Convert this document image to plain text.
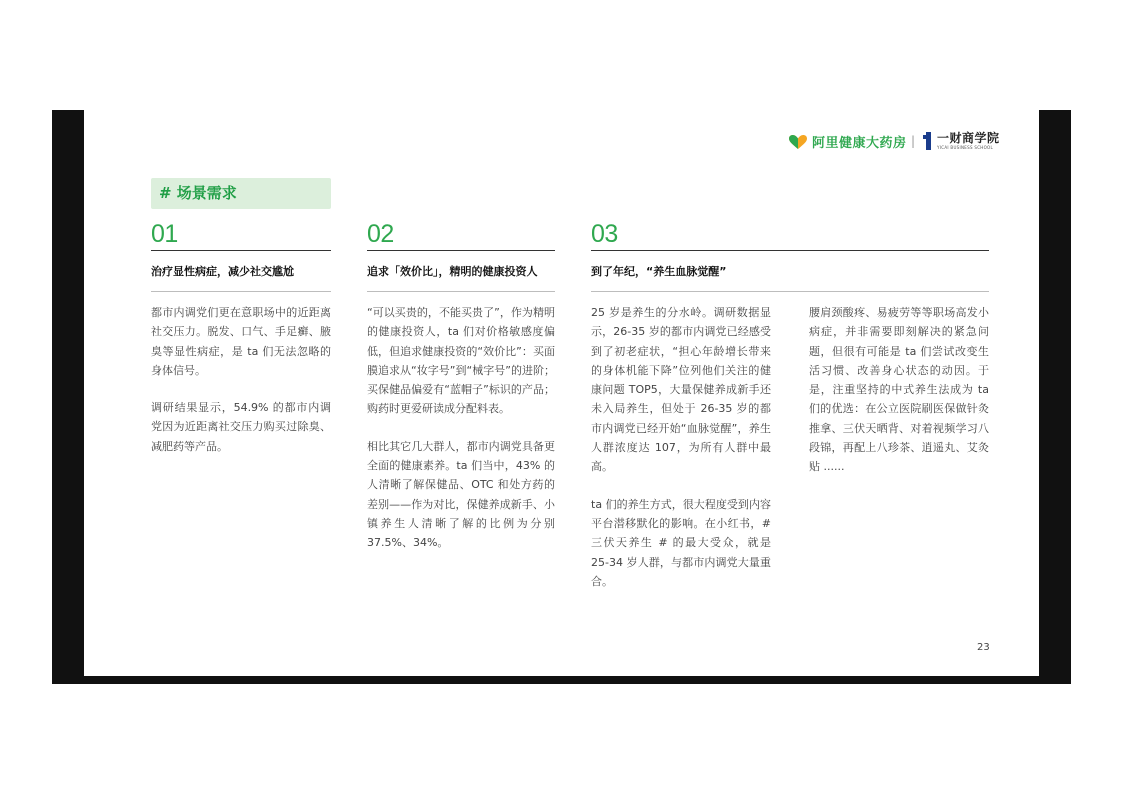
阿里健康大药房 | 一财商学院
YICAI BUSINESS SCHOOL
# 场景需求
01
治疗显性病症，减少社交尴尬

都市内调党们更在意职场中的近距离社交压力。脱发、口气、手足癣、腋臭等显性病症，是 ta 们无法忽略的身体信号。

调研结果显示，54.9% 的都市内调党因为近距离社交压力购买过除臭、减肥药等产品。

02
追求「效价比」，精明的健康投资人

“可以买贵的，不能买贵了”，作为精明的健康投资人，ta 们对价格敏感度偏低，但追求健康投资的“效价比”：买面膜追求从“妆字号”到“械字号”的进阶；买保健品偏爱有“蓝帽子”标识的产品；购药时更爱研读成分配料表。

相比其它几大群人，都市内调党具备更全面的健康素养。ta 们当中，43% 的人清晰了解保健品、OTC 和处方药的差别——作为对比，保健养成新手、小镇养生人清晰了解的比例为分别 37.5%、34%。

03
到了年纪，“养生血脉觉醒”

25 岁是养生的分水岭。调研数据显示，26-35 岁的都市内调党已经感受到了初老症状，“担心年龄增长带来的身体机能下降”位列他们关注的健康问题 TOP5，大量保健养成新手还未入局养生，但处于 26-35 岁的都市内调党已经开始“血脉觉醒”，养生人群浓度达 107，为所有人群中最高。

ta 们的养生方式，很大程度受到内容平台潜移默化的影响。在小红书，# 三伏天养生 # 的最大受众，就是 25-34 岁人群，与都市内调党大量重合。

腰肩颈酸疼、易疲劳等等职场高发小病症，并非需要即刻解决的紧急问题，但很有可能是 ta 们尝试改变生活习惯、改善身心状态的动因。于是，注重坚持的中式养生法成为 ta 们的优选：在公立医院刷医保做针灸推拿、三伏天晒背、对着视频学习八段锦，再配上八珍茶、逍遥丸、艾灸贴 ......

23
